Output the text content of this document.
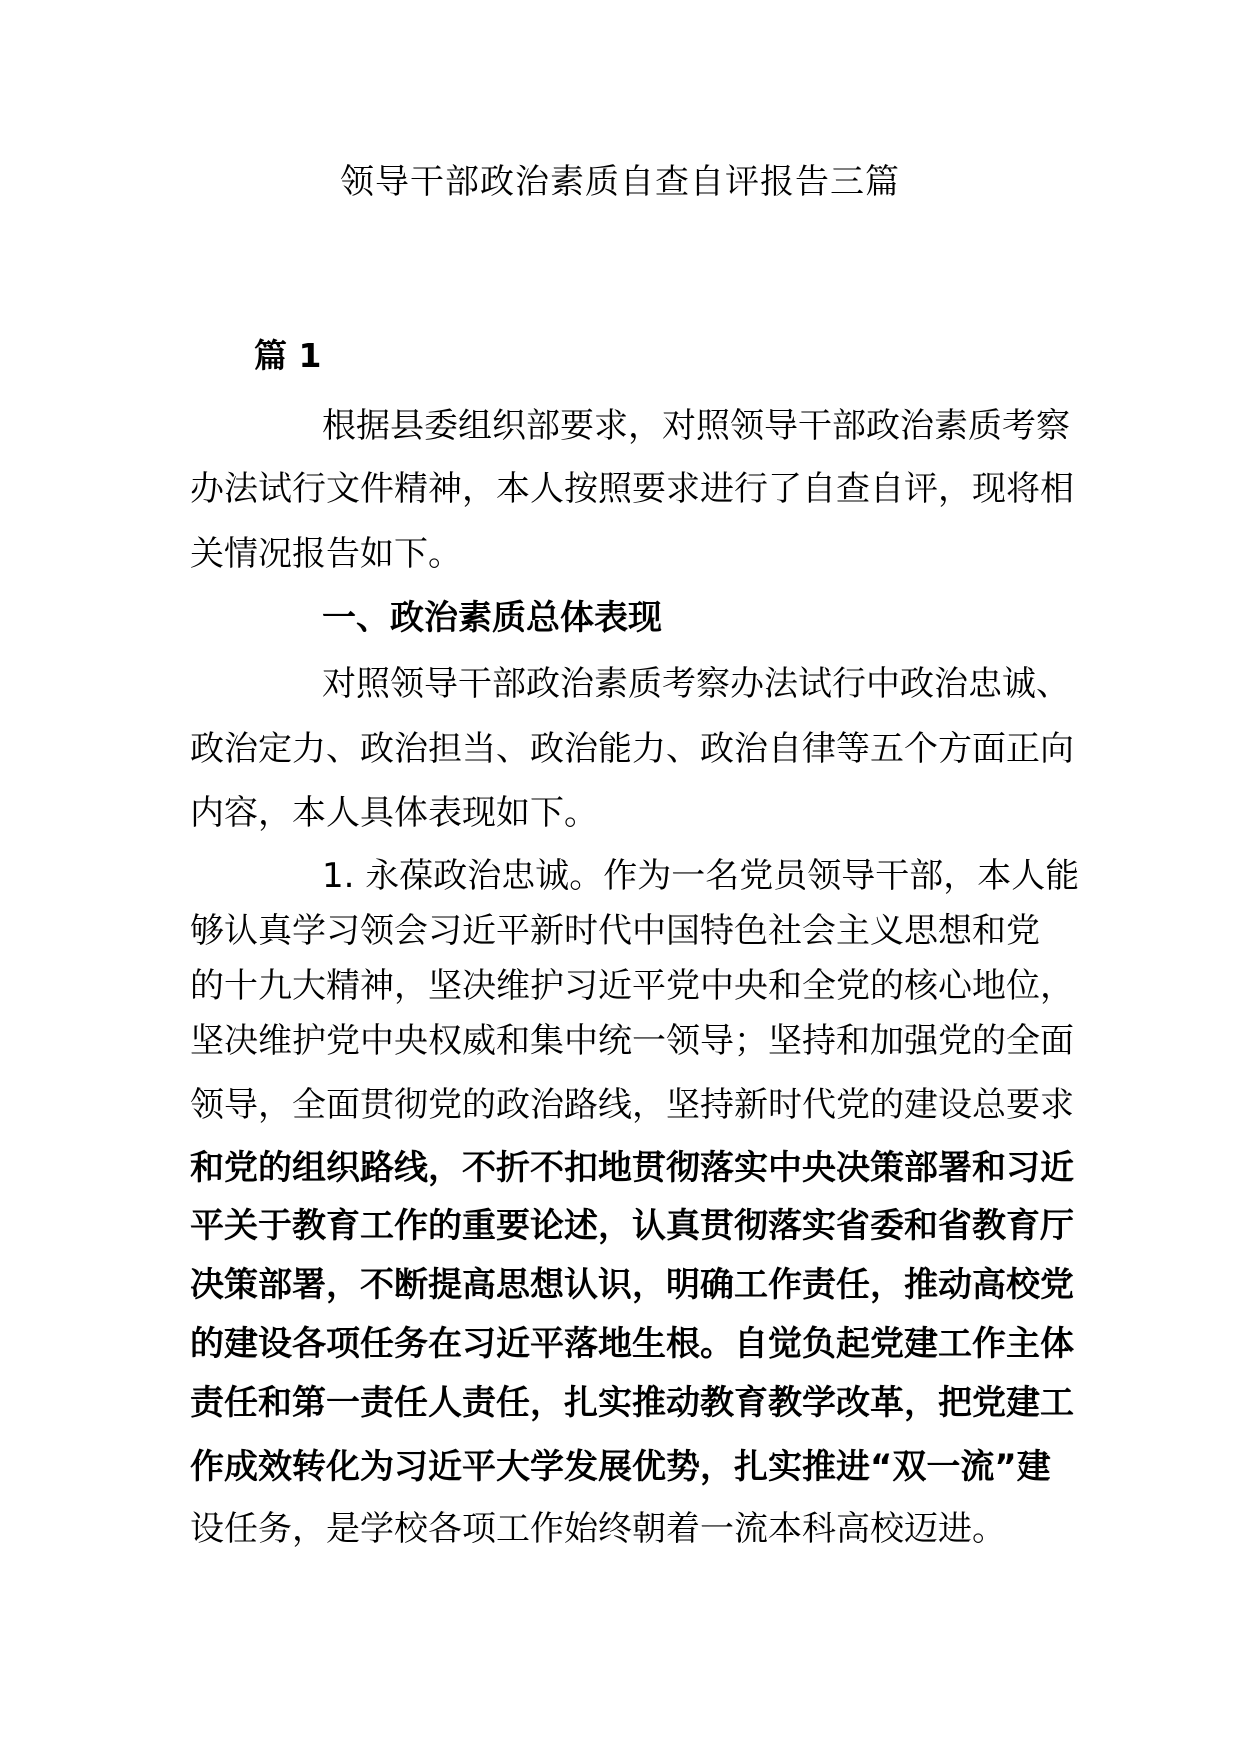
领导干部政治素质自查自评报告三篇
篇 1
根据县委组织部要求，对照领导干部政治素质考察
办法试行文件精神，本人按照要求进行了自查自评，现将相
关情况报告如下。
一、政治素质总体表现
对照领导干部政治素质考察办法试行中政治忠诚、
政治定力、政治担当、政治能力、政治自律等五个方面正向
内容，本人具体表现如下。
1. 永葆政治忠诚。作为一名党员领导干部，本人能
够认真学习领会习近平新时代中国特色社会主义思想和党
的十九大精神，坚决维护习近平党中央和全党的核心地位，
坚决维护党中央权威和集中统一领导；坚持和加强党的全面
领导，全面贯彻党的政治路线，坚持新时代党的建设总要求
和党的组织路线，不折不扣地贯彻落实中央决策部署和习近
平关于教育工作的重要论述，认真贯彻落实省委和省教育厅
决策部署，不断提高思想认识，明确工作责任，推动高校党
的建设各项任务在习近平落地生根。自觉负起党建工作主体
责任和第一责任人责任，扎实推动教育教学改革，把党建工
作成效转化为习近平大学发展优势，扎实推进“双一流”建
设任务，是学校各项工作始终朝着一流本科高校迈进。
